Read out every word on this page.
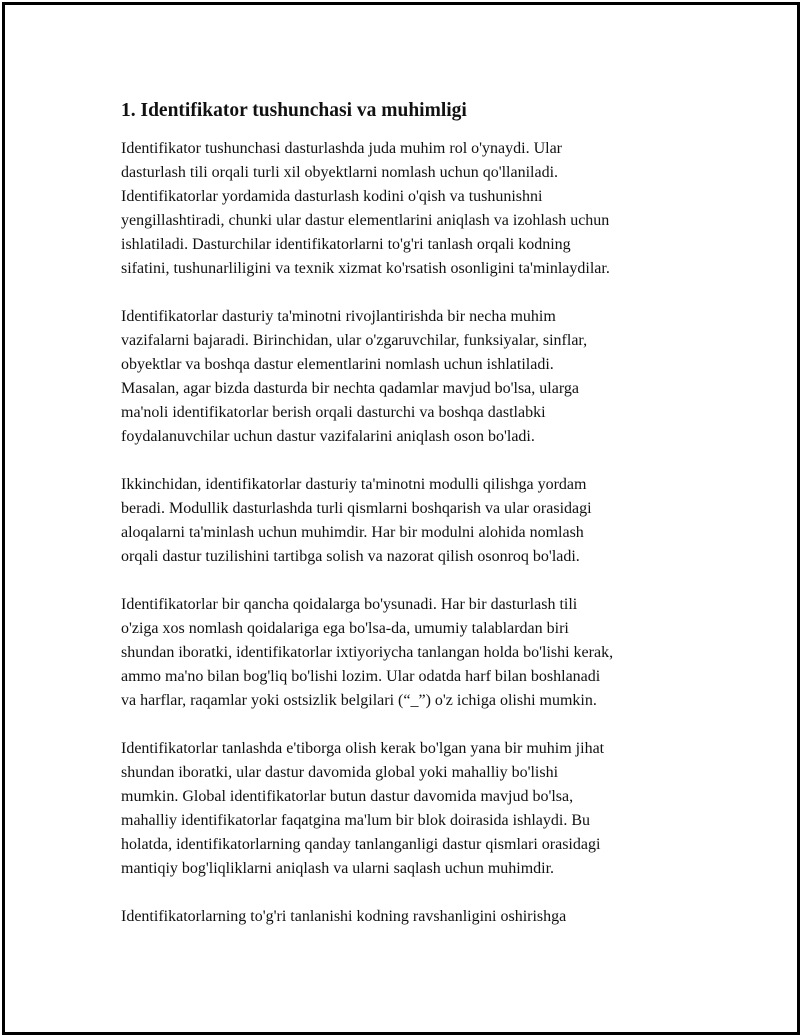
1. Identifikator tushunchasi va muhimligi

Identifikator tushunchasi dasturlashda juda muhim rol o'ynaydi. Ular
dasturlash tili orqali turli xil obyektlarni nomlash uchun qo'llaniladi.
Identifikatorlar yordamida dasturlash kodini o'qish va tushunishni
yengillashtiradi, chunki ular dastur elementlarini aniqlash va izohlash uchun
ishlatiladi. Dasturchilar identifikatorlarni to'g'ri tanlash orqali kodning
sifatini, tushunarliligini va texnik xizmat ko'rsatish osonligini ta'minlaydilar.

Identifikatorlar dasturiy ta'minotni rivojlantirishda bir necha muhim
vazifalarni bajaradi. Birinchidan, ular o'zgaruvchilar, funksiyalar, sinflar,
obyektlar va boshqa dastur elementlarini nomlash uchun ishlatiladi.
Masalan, agar bizda dasturda bir nechta qadamlar mavjud bo'lsa, ularga
ma'noli identifikatorlar berish orqali dasturchi va boshqa dastlabki
foydalanuvchilar uchun dastur vazifalarini aniqlash oson bo'ladi.

Ikkinchidan, identifikatorlar dasturiy ta'minotni modulli qilishga yordam
beradi. Modullik dasturlashda turli qismlarni boshqarish va ular orasidagi
aloqalarni ta'minlash uchun muhimdir. Har bir modulni alohida nomlash
orqali dastur tuzilishini tartibga solish va nazorat qilish osonroq bo'ladi.

Identifikatorlar bir qancha qoidalarga bo'ysunadi. Har bir dasturlash tili
o'ziga xos nomlash qoidalariga ega bo'lsa-da, umumiy talablardan biri
shundan iboratki, identifikatorlar ixtiyoriycha tanlangan holda bo'lishi kerak,
ammo ma'no bilan bog'liq bo'lishi lozim. Ular odatda harf bilan boshlanadi
va harflar, raqamlar yoki ostsizlik belgilari (“_”) o'z ichiga olishi mumkin.

Identifikatorlar tanlashda e'tiborga olish kerak bo'lgan yana bir muhim jihat
shundan iboratki, ular dastur davomida global yoki mahalliy bo'lishi
mumkin. Global identifikatorlar butun dastur davomida mavjud bo'lsa,
mahalliy identifikatorlar faqatgina ma'lum bir blok doirasida ishlaydi. Bu
holatda, identifikatorlarning qanday tanlanganligi dastur qismlari orasidagi
mantiqiy bog'liqliklarni aniqlash va ularni saqlash uchun muhimdir.

Identifikatorlarning to'g'ri tanlanishi kodning ravshanligini oshirishga
